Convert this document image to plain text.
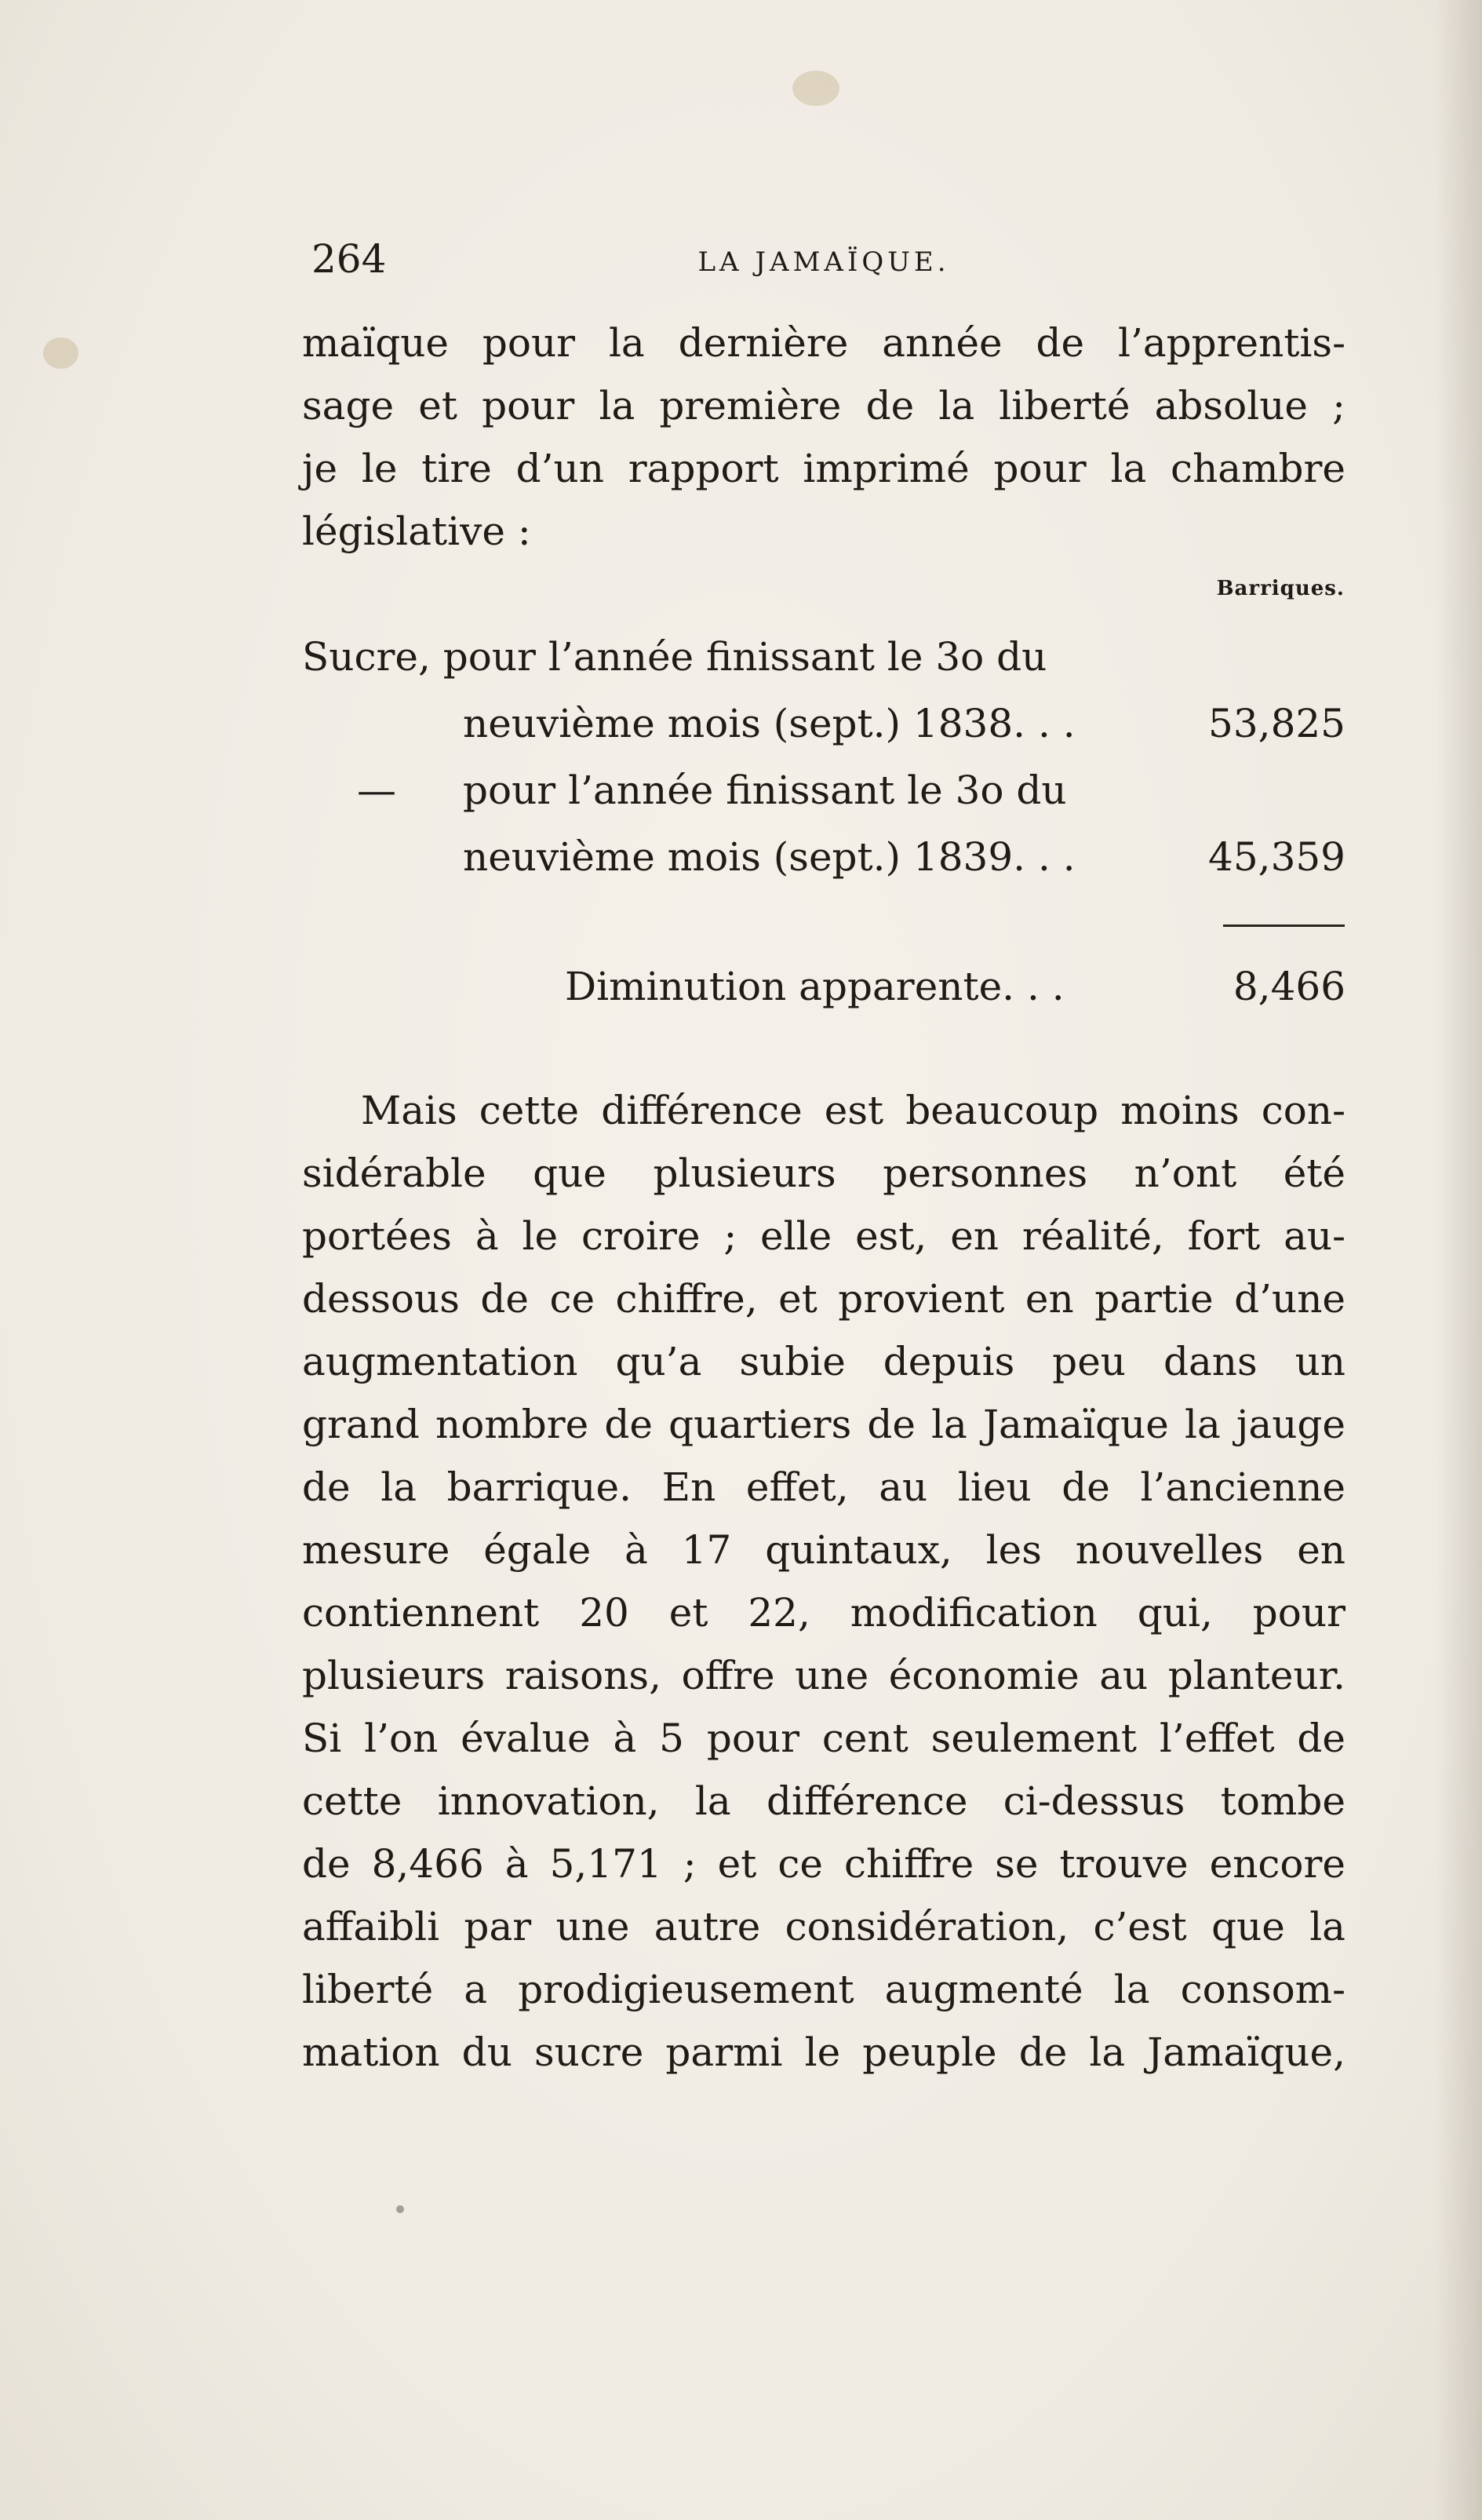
264	LA JAMAÏQUE.
maïque pour la dernière année de l’apprentis-
sage et pour la première de la liberté absolue ;
je le tire d’un rapport imprimé pour la chambre
législative :
Barriques.
Sucre, pour l’année finissant le 3o du
neuvième mois (sept.) 1838. . .	53,825
— pour l’année finissant le 3o du
neuvième mois (sept.) 1839. . .	45,359
Diminution apparente. . .	8,466
Mais cette différence est beaucoup moins con-
sidérable que plusieurs personnes n’ont été
portées à le croire ; elle est, en réalité, fort au-
dessous de ce chiffre, et provient en partie d’une
augmentation qu’a subie depuis peu dans un
grand nombre de quartiers de la Jamaïque la jauge
de la barrique. En effet, au lieu de l’ancienne
mesure égale à 17 quintaux, les nouvelles en
contiennent 20 et 22, modification qui, pour
plusieurs raisons, offre une économie au planteur.
Si l’on évalue à 5 pour cent seulement l’effet de
cette innovation, la différence ci-dessus tombe
de 8,466 à 5,171 ; et ce chiffre se trouve encore
affaibli par une autre considération, c’est que la
liberté a prodigieusement augmenté la consom-
mation du sucre parmi le peuple de la Jamaïque,
